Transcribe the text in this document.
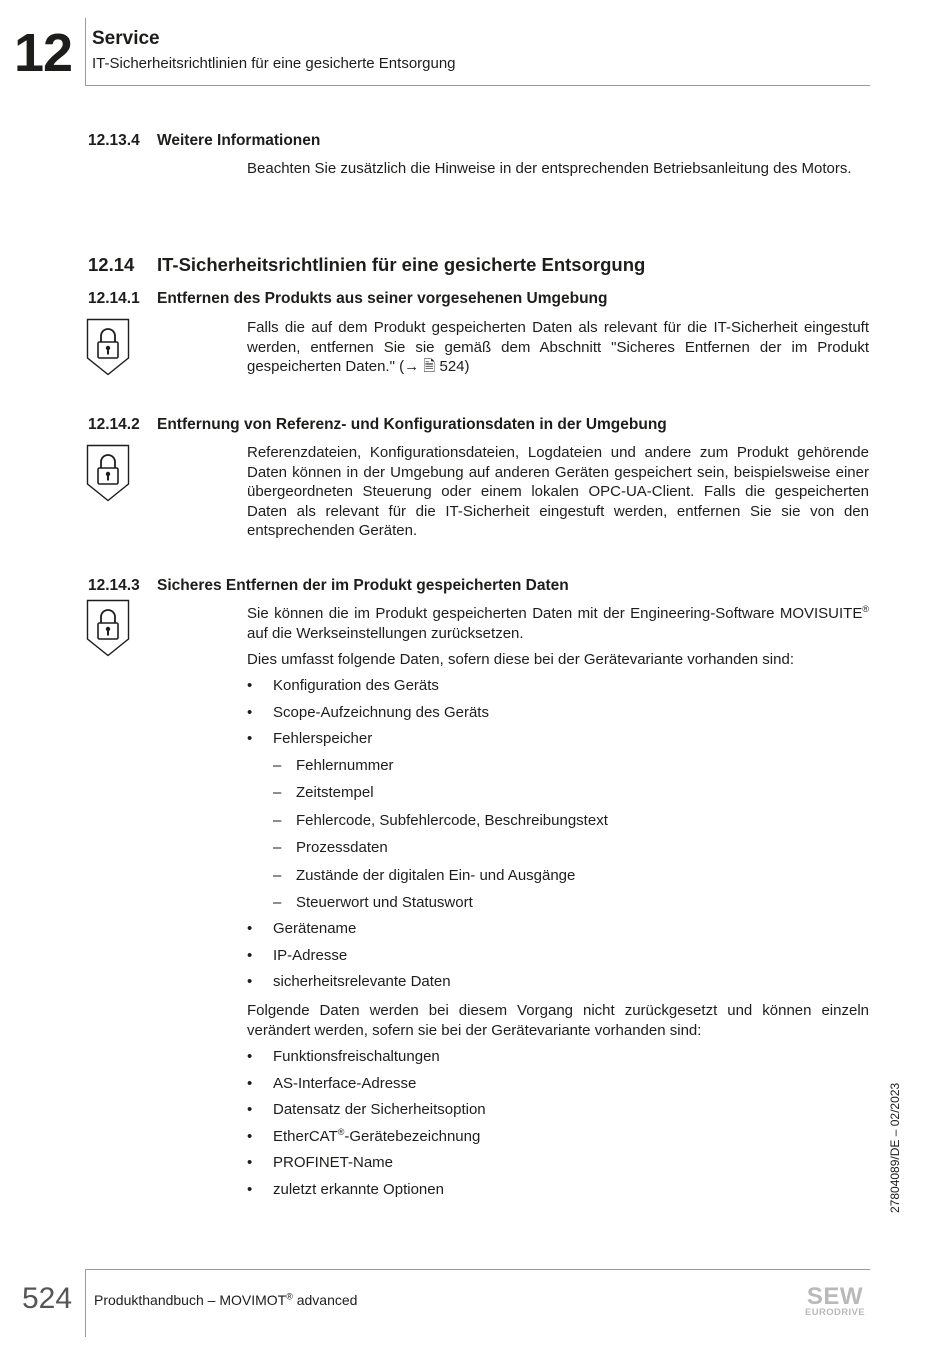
12 Service
IT-Sicherheitsrichtlinien für eine gesicherte Entsorgung
12.13.4 Weitere Informationen

Beachten Sie zusätzlich die Hinweise in der entsprechenden Betriebsanleitung des Motors.

12.14 IT-Sicherheitsrichtlinien für eine gesicherte Entsorgung
12.14.1 Entfernen des Produkts aus seiner vorgesehenen Umgebung

Falls die auf dem Produkt gespeicherten Daten als relevant für die IT-Sicherheit eingestuft werden, entfernen Sie sie gemäß dem Abschnitt "Sicheres Entfernen der im Produkt gespeicherten Daten." (→ 🗎 524)

12.14.2 Entfernung von Referenz- und Konfigurationsdaten in der Umgebung

Referenzdateien, Konfigurationsdateien, Logdateien und andere zum Produkt gehörende Daten können in der Umgebung auf anderen Geräten gespeichert sein, beispielsweise einer übergeordneten Steuerung oder einem lokalen OPC-UA-Client. Falls die gespeicherten Daten als relevant für die IT-Sicherheit eingestuft werden, entfernen Sie sie von den entsprechenden Geräten.

12.14.3 Sicheres Entfernen der im Produkt gespeicherten Daten

Sie können die im Produkt gespeicherten Daten mit der Engineering-Software MOVISUITE® auf die Werkseinstellungen zurücksetzen.

Dies umfasst folgende Daten, sofern diese bei der Gerätevariante vorhanden sind:

• Konfiguration des Geräts
• Scope-Aufzeichnung des Geräts
• Fehlerspeicher
– Fehlernummer
– Zeitstempel
– Fehlercode, Subfehlercode, Beschreibungstext
– Prozessdaten
– Zustände der digitalen Ein- und Ausgänge
– Steuerwort und Statuswort
• Gerätename
• IP-Adresse
• sicherheitsrelevante Daten

Folgende Daten werden bei diesem Vorgang nicht zurückgesetzt und können einzeln verändert werden, sofern sie bei der Gerätevariante vorhanden sind:

• Funktionsfreischaltungen
• AS-Interface-Adresse
• Datensatz der Sicherheitsoption
• EtherCAT®-Gerätebezeichnung
• PROFINET-Name
• zuletzt erkannte Optionen	27804089/DE – 02/2023
524 Produkthandbuch – MOVIMOT® advanced	SEW
EURODRIVE
